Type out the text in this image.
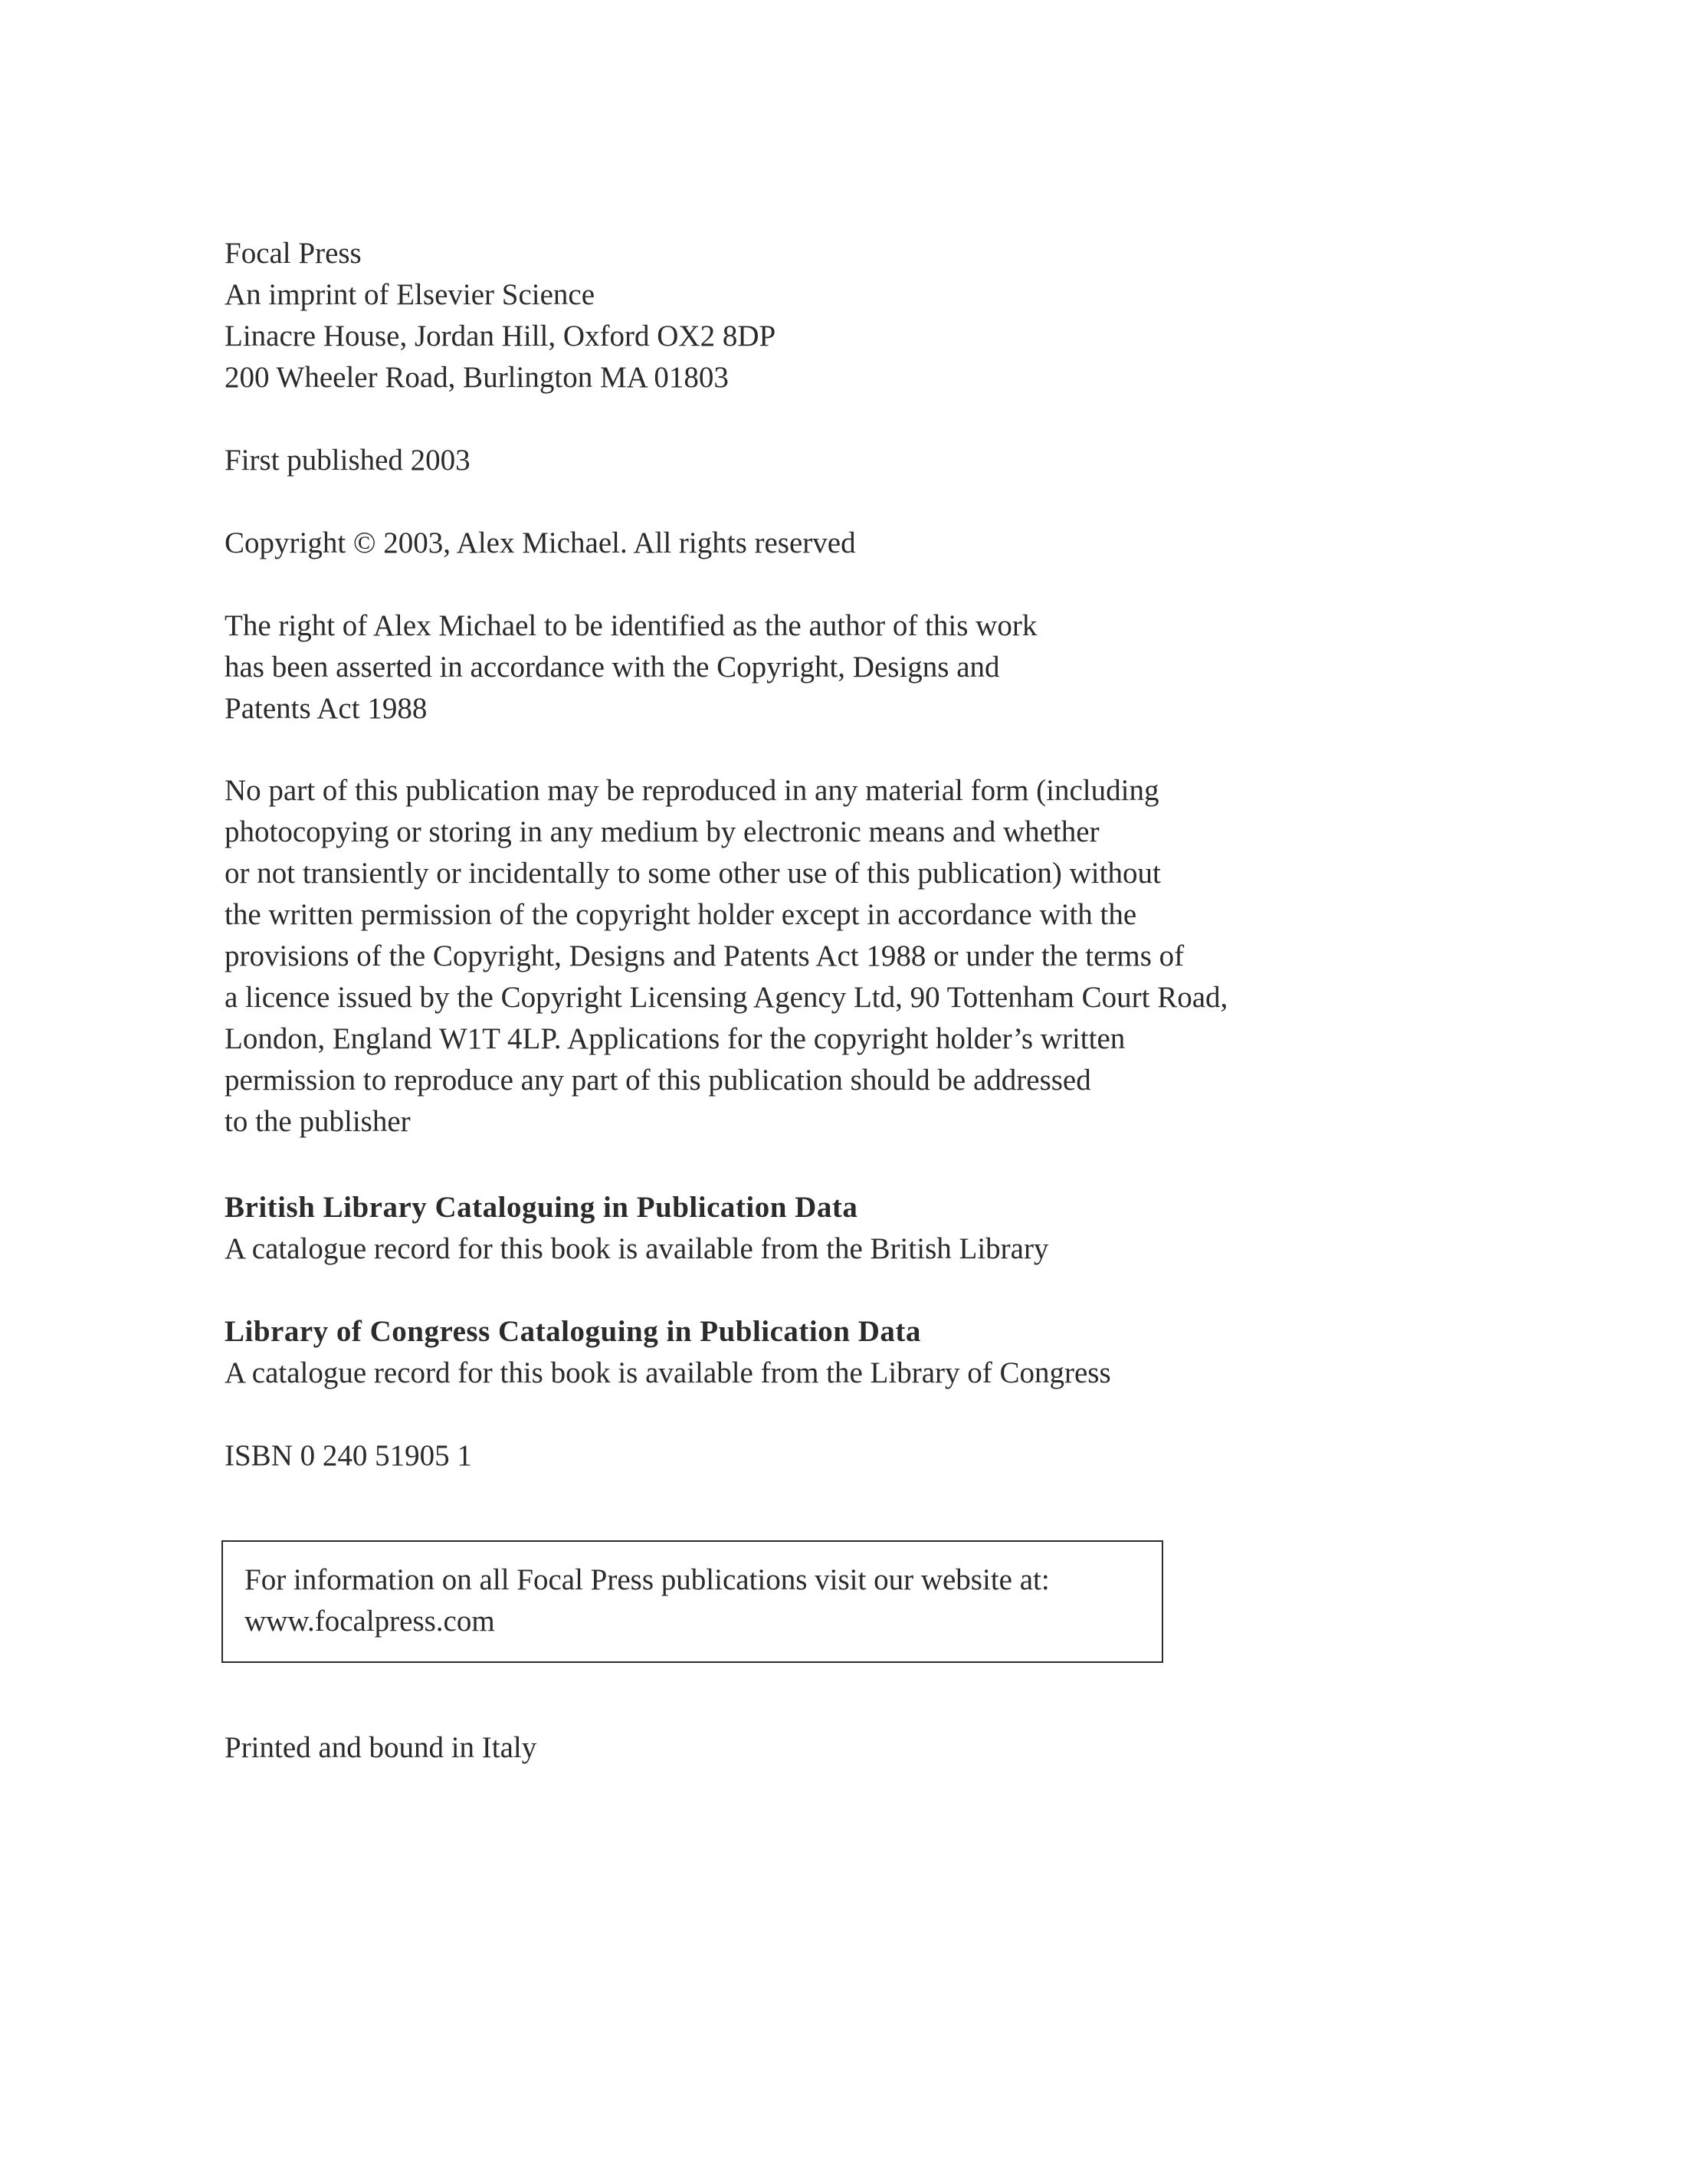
Focal Press
An imprint of Elsevier Science
Linacre House, Jordan Hill, Oxford OX2 8DP
200 Wheeler Road, Burlington MA 01803
First published 2003
Copyright © 2003, Alex Michael. All rights reserved
The right of Alex Michael to be identified as the author of this work
has been asserted in accordance with the Copyright, Designs and
Patents Act 1988
No part of this publication may be reproduced in any material form (including
photocopying or storing in any medium by electronic means and whether
or not transiently or incidentally to some other use of this publication) without
the written permission of the copyright holder except in accordance with the
provisions of the Copyright, Designs and Patents Act 1988 or under the terms of
a licence issued by the Copyright Licensing Agency Ltd, 90 Tottenham Court Road,
London, England W1T 4LP. Applications for the copyright holder’s written
permission to reproduce any part of this publication should be addressed
to the publisher
British Library Cataloguing in Publication Data
A catalogue record for this book is available from the British Library
Library of Congress Cataloguing in Publication Data
A catalogue record for this book is available from the Library of Congress
ISBN 0 240 51905 1
For information on all Focal Press publications visit our website at:
www.focalpress.com
Printed and bound in Italy
